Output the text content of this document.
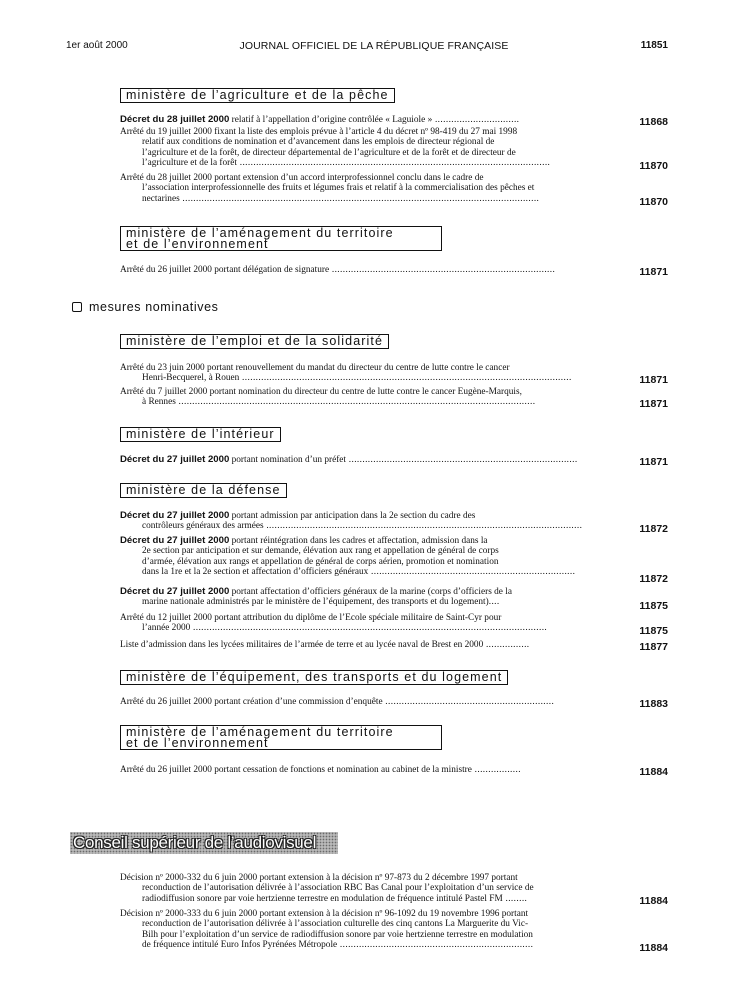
1er août 2000	JOURNAL OFFICIEL DE LA RÉPUBLIQUE FRANÇAISE	11851
ministère de l’agriculture et de la pêche
Décret du 28 juillet 2000 relatif à l’appellation d’origine contrôlée « Laguiole » ...............................	11868
Arrêté du 19 juillet 2000 fixant la liste des emplois prévue à l’article 4 du décret nº 98-419 du 27 mai 1998
relatif aux conditions de nomination et d’avancement dans les emplois de directeur régional de
l’agriculture et de la forêt, de directeur départemental de l’agriculture et de la forêt et de directeur de
l’agriculture et de la forêt ..................................................................................................................	11870
Arrêté du 28 juillet 2000 portant extension d’un accord interprofessionnel conclu dans le cadre de
l’association interprofessionnelle des fruits et légumes frais et relatif à la commercialisation des pêches et
nectarines ...................................................................................................................................	11870
ministère de l’aménagement du territoire
et de l’environnement
Arrêté du 26 juillet 2000 portant délégation de signature ..................................................................................	11871
mesures nominatives
ministère de l’emploi et de la solidarité
Arrêté du 23 juin 2000 portant renouvellement du mandat du directeur du centre de lutte contre le cancer
Henri-Becquerel, à Rouen .........................................................................................................................	11871
Arrêté du 7 juillet 2000 portant nomination du directeur du centre de lutte contre le cancer Eugène-Marquis,
à Rennes ...................................................................................................................................	11871
ministère de l’intérieur
Décret du 27 juillet 2000 portant nomination d’un préfet ....................................................................................	11871
ministère de la défense
Décret du 27 juillet 2000 portant admission par anticipation dans la 2e section du cadre des
contrôleurs généraux des armées ....................................................................................................................	11872
Décret du 27 juillet 2000 portant réintégration dans les cadres et affectation, admission dans la
2e section par anticipation et sur demande, élévation aux rang et appellation de général de corps
d’armée, élévation aux rangs et appellation de général de corps aérien, promotion et nomination
dans la 1re et la 2e section et affectation d’officiers généraux ...........................................................................
11872
Décret du 27 juillet 2000 portant affectation d’officiers généraux de la marine (corps d’officiers de la
marine nationale administrés par le ministère de l’équipement, des transports et du logement)....	11875
Arrêté du 12 juillet 2000 portant attribution du diplôme de l’Ecole spéciale militaire de Saint-Cyr pour
l’année 2000 ..................................................................................................................................	11875
Liste d’admission dans les lycées militaires de l’armée de terre et au lycée naval de Brest en 2000 ................	11877
ministère de l’équipement, des transports et du logement
Arrêté du 26 juillet 2000 portant création d’une commission d’enquête ..............................................................	11883
ministère de l’aménagement du territoire
et de l’environnement
Arrêté du 26 juillet 2000 portant cessation de fonctions et nomination au cabinet de la ministre .................	11884
Conseil supérieur de l’audiovisuel
Décision nº 2000-332 du 6 juin 2000 portant extension à la décision nº 97-873 du 2 décembre 1997 portant
reconduction de l’autorisation délivrée à l’association RBC Bas Canal pour l’exploitation d’un service de
radiodiffusion sonore par voie hertzienne terrestre en modulation de fréquence intitulé Pastel FM ........	11884
Décision nº 2000-333 du 6 juin 2000 portant extension à la décision nº 96-1092 du 19 novembre 1996 portant
reconduction de l’autorisation délivrée à l’association culturelle des cinq cantons La Marguerite du Vic-
Bilh pour l’exploitation d’un service de radiodiffusion sonore par voie hertzienne terrestre en modulation
de fréquence intitulé Euro Infos Pyrénées Métropole .......................................................................	11884
